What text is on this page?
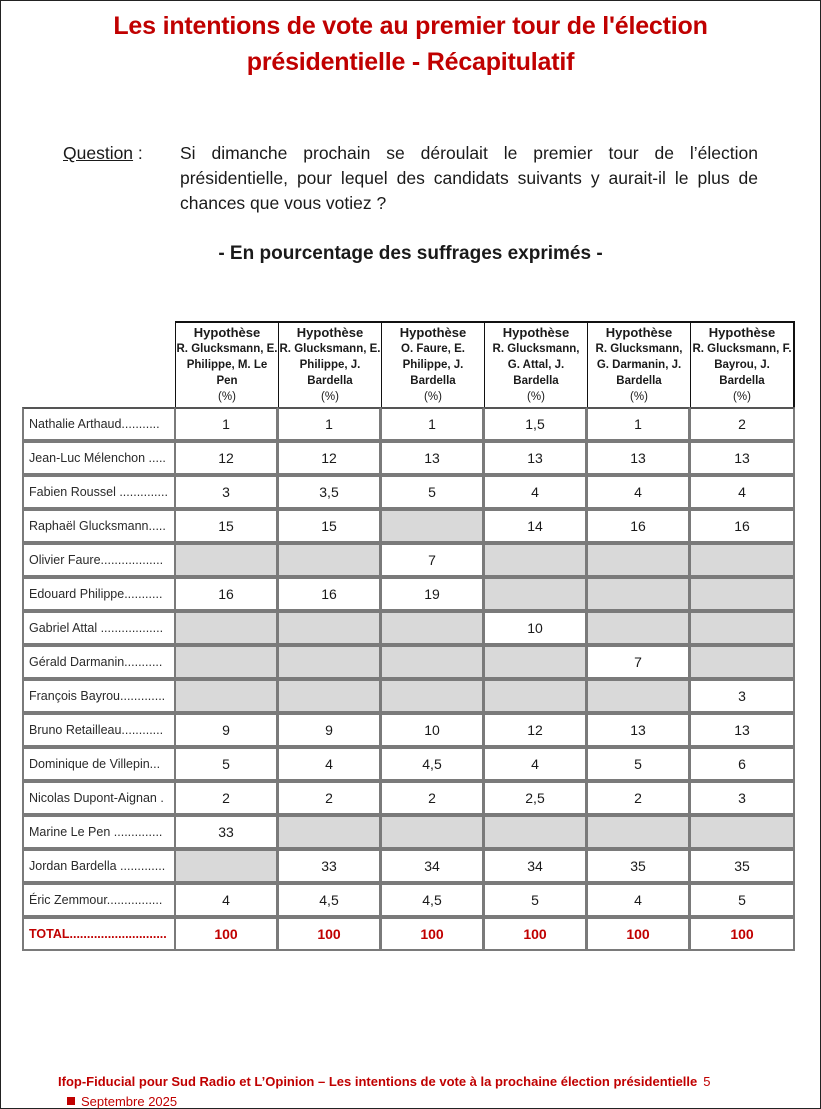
Les intentions de vote au premier tour de l'élection
présidentielle - Récapitulatif
Question : Si dimanche prochain se déroulait le premier tour de l’élection présidentielle, pour lequel des candidats suivants y aurait-il le plus de chances que vous votiez ?
- En pourcentage des suffrages exprimés -

	Hypothèse
R. Glucksmann, E. Philippe, M. Le Pen
(%)	Hypothèse
R. Glucksmann, E. Philippe, J. Bardella
(%)	Hypothèse
O. Faure, E. Philippe, J. Bardella
(%)	Hypothèse
R. Glucksmann, G. Attal, J. Bardella
(%)	Hypothèse
R. Glucksmann, G. Darmanin, J. Bardella
(%)	Hypothèse
R. Glucksmann, F. Bayrou, J. Bardella
(%)

Nathalie Arthaud...........	1	1	1	1,5	1	2
Jean-Luc Mélenchon .....	12	12	13	13	13	13
Fabien Roussel ..............	3	3,5	5	4	4	4
Raphaël Glucksmann.....	15	15		14	16	16
Olivier Faure..................			7			
Edouard Philippe...........	16	16	19			
Gabriel Attal ..................				10		
Gérald Darmanin...........					7	
François Bayrou.............						3
Bruno Retailleau............	9	9	10	12	13	13
Dominique de Villepin...	5	4	4,5	4	5	6
Nicolas Dupont-Aignan .	2	2	2	2,5	2	3
Marine Le Pen ..............	33					
Jordan Bardella .............		33	34	34	35	35
Éric Zemmour................	4	4,5	4,5	5	4	5
TOTAL............................	100	100	100	100	100	100
Ifop-Fiducial pour Sud Radio et L’Opinion – Les intentions de vote à la prochaine élection présidentielle 5
Septembre 2025
